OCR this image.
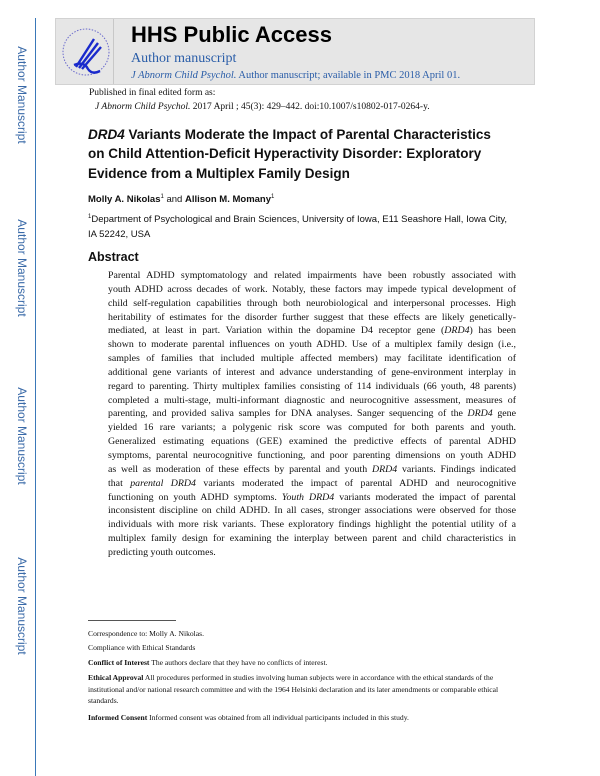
Author Manuscript
Author Manuscript
Author Manuscript
Author Manuscript
HHS Public Access
Author manuscript
J Abnorm Child Psychol. Author manuscript; available in PMC 2018 April 01.
Published in final edited form as:
J Abnorm Child Psychol. 2017 April ; 45(3): 429–442. doi:10.1007/s10802-017-0264-y.
DRD4 Variants Moderate the Impact of Parental Characteristics
on Child Attention-Deficit Hyperactivity Disorder: Exploratory
Evidence from a Multiplex Family Design
Molly A. Nikolas$^1$ and Allison M. Momany$^1$
$^1$Department of Psychological and Brain Sciences, University of Iowa, E11 Seashore Hall, Iowa City, IA 52242, USA
Abstract
Parental ADHD symptomatology and related impairments have been robustly associated with
youth ADHD across decades of work. Notably, these factors may impede typical development of
child self-regulation capabilities through both neurobiological and interpersonal processes. High
heritability of estimates for the disorder further suggest that these effects are likely genetically-
mediated, at least in part. Variation within the dopamine D4 receptor gene (DRD4) has been
shown to moderate parental influences on youth ADHD. Use of a multiplex family design (i.e.,
samples of families that included multiple affected members) may facilitate identification of
additional gene variants of interest and advance understanding of gene-environment interplay in
regard to parenting. Thirty multiplex families consisting of 114 individuals (66 youth, 48 parents)
completed a multi-stage, multi-informant diagnostic and neurocognitive assessment, measures of
parenting, and provided saliva samples for DNA analyses. Sanger sequencing of the DRD4 gene
yielded 16 rare variants; a polygenic risk score was computed for both parents and youth.
Generalized estimating equations (GEE) examined the predictive effects of parental ADHD
symptoms, parental neurocognitive functioning, and poor parenting dimensions on youth ADHD
as well as moderation of these effects by parental and youth DRD4 variants. Findings indicated
that parental DRD4 variants moderated the impact of parental ADHD and neurocognitive
functioning on youth ADHD symptoms. Youth DRD4 variants moderated the impact of parental
inconsistent discipline on child ADHD. In all cases, stronger associations were observed for those
individuals with more risk variants. These exploratory findings highlight the potential utility of a
multiplex family design for examining the interplay between parent and child characteristics in
predicting youth outcomes.
Correspondence to: Molly A. Nikolas.
Compliance with Ethical Standards
Conflict of Interest The authors declare that they have no conflicts of interest.
Ethical Approval All procedures performed in studies involving human subjects were in accordance with the ethical standards of the institutional and/or national research committee and with the 1964 Helsinki declaration and its later amendments or comparable ethical standards.
Informed Consent Informed consent was obtained from all individual participants included in this study.
